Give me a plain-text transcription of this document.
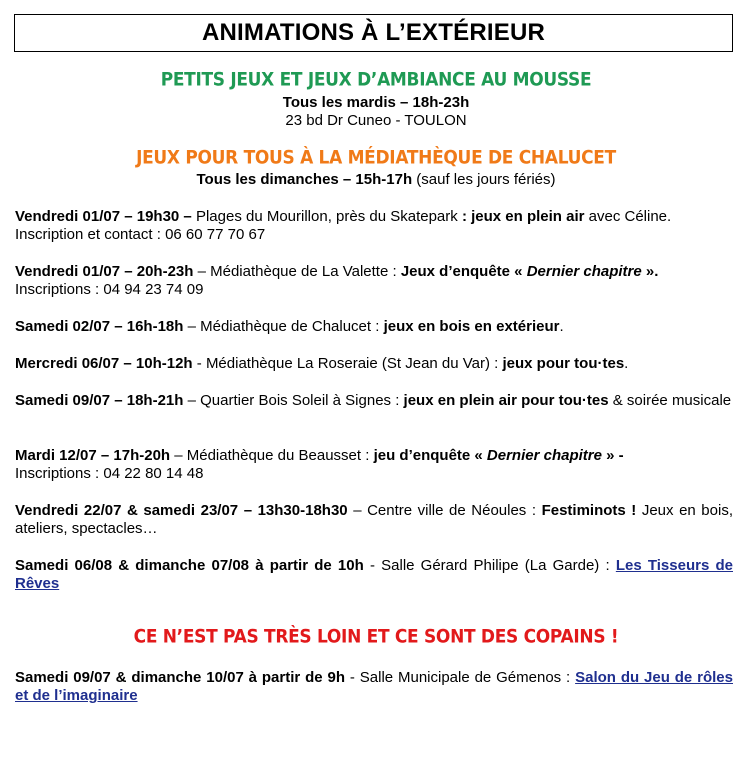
ANIMATIONS À L’EXTÉRIEUR
PETITS JEUX ET JEUX D’AMBIANCE AU MOUSSE
Tous les mardis – 18h-23h
23 bd Dr Cuneo - TOULON
JEUX POUR TOUS À LA MÉDIATHÈQUE DE CHALUCET
Tous les dimanches – 15h-17h (sauf les jours fériés)
Vendredi 01/07 – 19h30 – Plages du Mourillon, près du Skatepark : jeux en plein air avec Céline.
Inscription et contact : 06 60 77 70 67
Vendredi 01/07 – 20h-23h – Médiathèque de La Valette : Jeux d’enquête « Dernier chapitre ».
Inscriptions : 04 94 23 74 09
Samedi 02/07 – 16h-18h – Médiathèque de Chalucet : jeux en bois en extérieur.
Mercredi 06/07 – 10h-12h - Médiathèque La Roseraie (St Jean du Var) : jeux pour tou·tes.
Samedi 09/07 – 18h-21h – Quartier Bois Soleil à Signes : jeux en plein air pour tou·tes & soirée musicale
Mardi 12/07 – 17h-20h – Médiathèque du Beausset : jeu d’enquête « Dernier chapitre » -
Inscriptions : 04 22 80 14 48
Vendredi 22/07 & samedi 23/07 – 13h30-18h30 – Centre ville de Néoules : Festiminots ! Jeux en bois, ateliers, spectacles…
Samedi 06/08 & dimanche 07/08 à partir de 10h - Salle Gérard Philipe (La Garde) : Les Tisseurs de Rêves
CE N’EST PAS TRÈS LOIN ET CE SONT DES COPAINS !
Samedi 09/07 & dimanche 10/07 à partir de 9h - Salle Municipale de Gémenos : Salon du Jeu de rôles et de l’imaginaire
